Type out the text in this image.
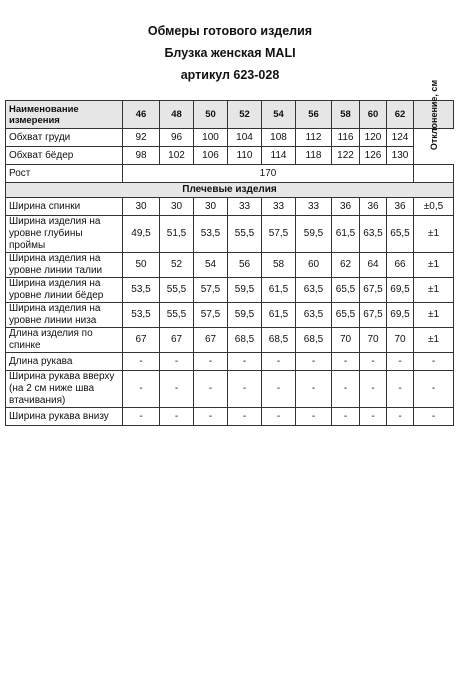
Обмеры готового изделия
Блузка женская MALI
артикул 623-028
Наименование измерения	46	48	50	52	54	56	58	60	62	Отклонение, см

Обхват груди	92	96	100	104	108	112	116	120	124	
Обхват бёдер	98	102	106	110	114	118	122	126	130	
Рост	170									
Плечевые изделия										
Ширина спинки	30	30	30	33	33	33	36	36	36	±0,5
Ширина изделия на уровне глубины проймы	49,5	51,5	53,5	55,5	57,5	59,5	61,5	63,5	65,5	±1
Ширина изделия на уровне линии талии	50	52	54	56	58	60	62	64	66	±1
Ширина изделия на уровне линии бёдер	53,5	55,5	57,5	59,5	61,5	63,5	65,5	67,5	69,5	±1
Ширина изделия на уровне линии низа	53,5	55,5	57,5	59,5	61,5	63,5	65,5	67,5	69,5	±1
Длина изделия по спинке	67	67	67	68,5	68,5	68,5	70	70	70	±1
Длина рукава	-	-	-	-	-	-	-	-	-	-
Ширина рукава вверху (на 2 см ниже шва втачивания)	-	-	-	-	-	-	-	-	-	-
Ширина рукава внизу	-	-	-	-	-	-	-	-	-	-
